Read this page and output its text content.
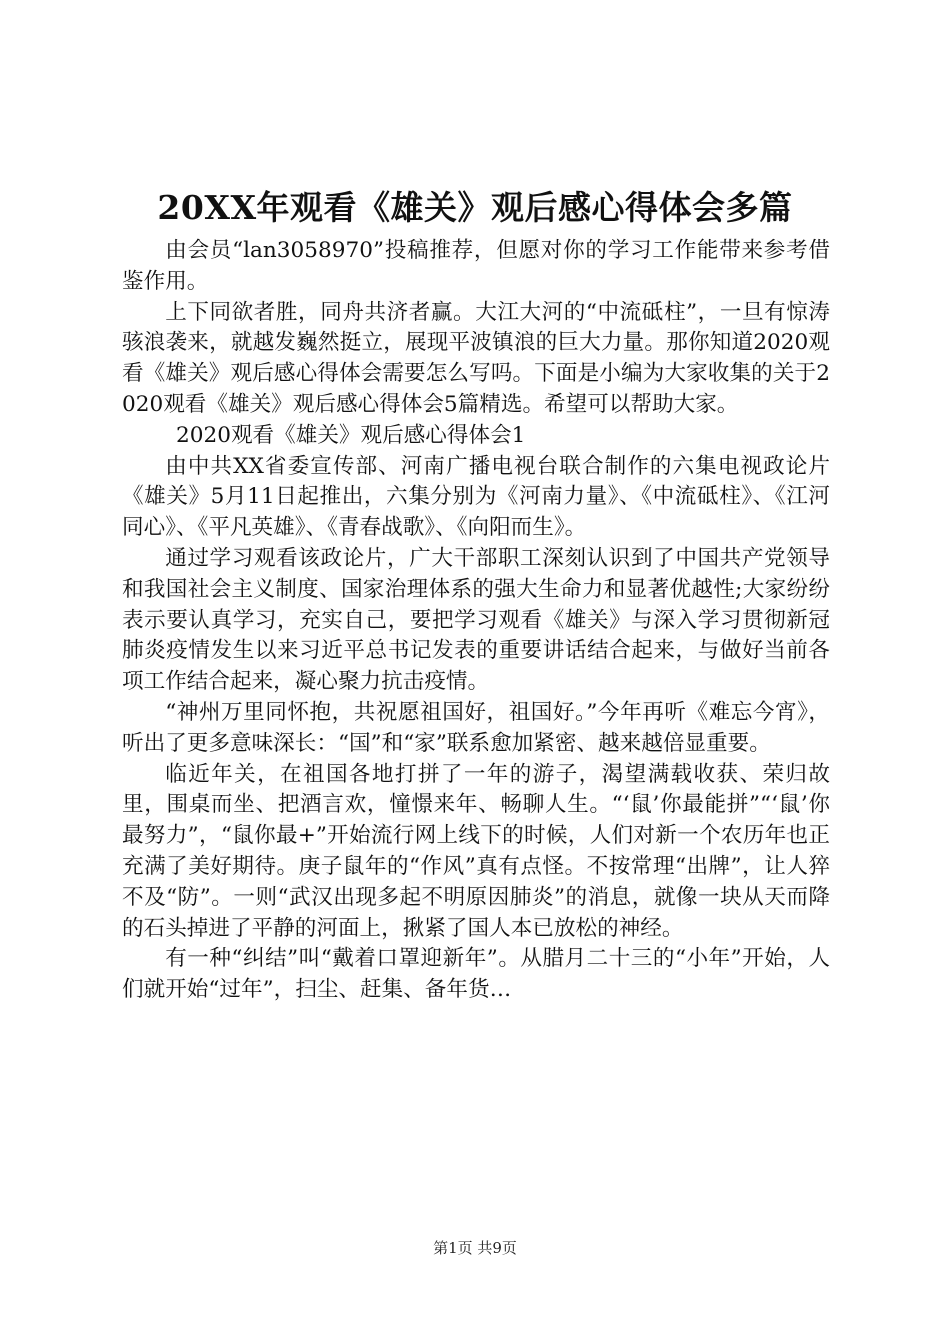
20XX年观看《雄关》观后感心得体会多篇

由会员“lan3058970”投稿推荐，但愿对你的学习工作能带来参考借鉴作用。

上下同欲者胜，同舟共济者赢。大江大河的“中流砥柱”，一旦有惊涛骇浪袭来，就越发巍然挺立，展现平波镇浪的巨大力量。那你知道2020观看《雄关》观后感心得体会需要怎么写吗。下面是小编为大家收集的关于2020观看《雄关》观后感心得体会5篇精选。希望可以帮助大家。

2020观看《雄关》观后感心得体会1

由中共XX省委宣传部、河南广播电视台联合制作的六集电视政论片《雄关》5月11日起推出，六集分别为《河南力量》、《中流砥柱》、《江河同心》、《平凡英雄》、《青春战歌》、《向阳而生》。

通过学习观看该政论片，广大干部职工深刻认识到了中国共产党领导和我国社会主义制度、国家治理体系的强大生命力和显著优越性;大家纷纷表示要认真学习，充实自己，要把学习观看《雄关》与深入学习贯彻新冠肺炎疫情发生以来习近平总书记发表的重要讲话结合起来，与做好当前各项工作结合起来，凝心聚力抗击疫情。

“神州万里同怀抱，共祝愿祖国好，祖国好。”今年再听《难忘今宵》，听出了更多意味深长：“国”和“家”联系愈加紧密、越来越倍显重要。

临近年关，在祖国各地打拼了一年的游子，渴望满载收获、荣归故里，围桌而坐、把酒言欢，憧憬来年、畅聊人生。“‘鼠’你最能拼”“‘鼠’你最努力”，“鼠你最+”开始流行网上线下的时候，人们对新一个农历年也正充满了美好期待。庚子鼠年的“作风”真有点怪。不按常理“出牌”，让人猝不及“防”。一则“武汉出现多起不明原因肺炎”的消息，就像一块从天而降的石头掉进了平静的河面上，揪紧了国人本已放松的神经。

有一种“纠结”叫“戴着口罩迎新年”。从腊月二十三的“小年”开始，人们就开始“过年”，扫尘、赶集、备年货…

第1页 共9页
